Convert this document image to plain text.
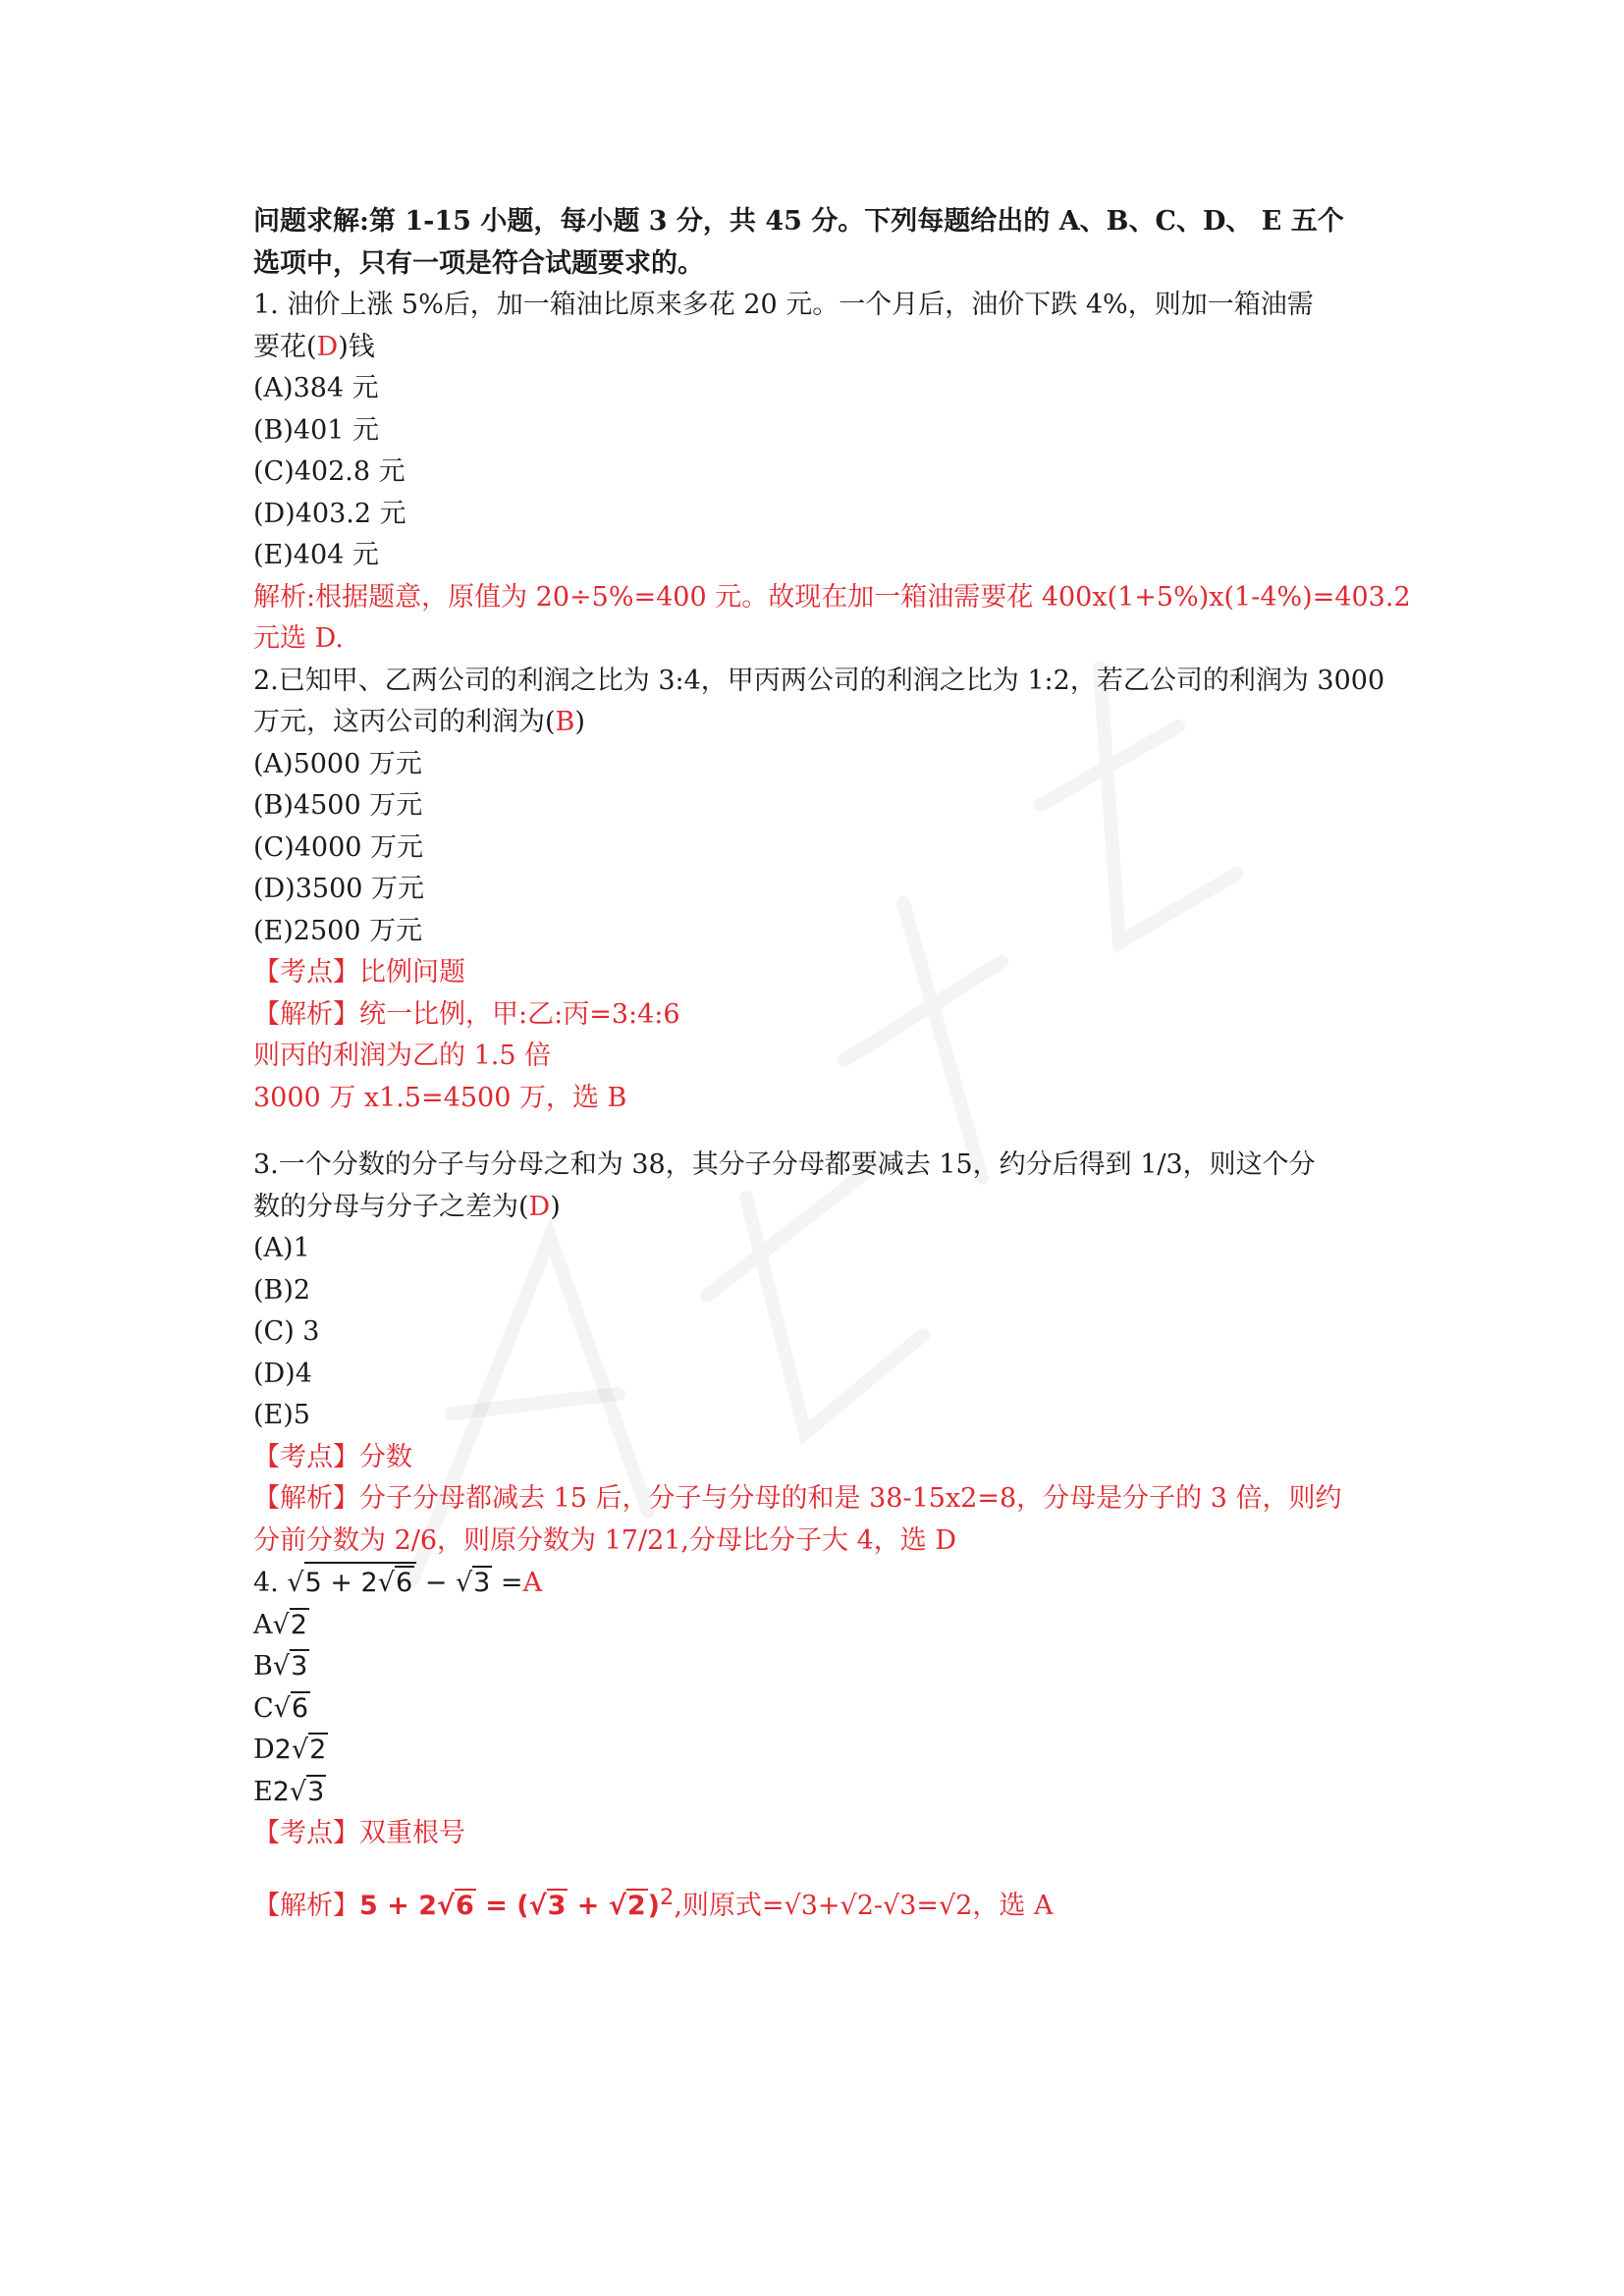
问题求解:第 1-15 小题，每小题 3 分，共 45 分。下列每题给出的 A、B、C、D、 E 五个
选项中，只有一项是符合试题要求的。
1. 油价上涨 5%后，加一箱油比原来多花 20 元。一个月后，油价下跌 4%，则加一箱油需
要花(D)钱
(A)384 元
(B)401 元
(C)402.8 元
(D)403.2 元
(E)404 元
解析:根据题意，原值为 20÷5%=400 元。故现在加一箱油需要花 400x(1+5%)x(1-4%)=403.2
元选 D.
2.已知甲、乙两公司的利润之比为 3:4，甲丙两公司的利润之比为 1:2，若乙公司的利润为 3000
万元，这丙公司的利润为(B)
(A)5000 万元
(B)4500 万元
(C)4000 万元
(D)3500 万元
(E)2500 万元
【考点】比例问题
【解析】统一比例，甲:乙:丙=3:4:6
则丙的利润为乙的 1.5 倍
3000 万 x1.5=4500 万，选 B
3.一个分数的分子与分母之和为 38，其分子分母都要减去 15，约分后得到 1/3，则这个分
数的分母与分子之差为(D)
(A)1
(B)2
(C) 3
(D)4
(E)5
【考点】分数
【解析】分子分母都减去 15 后，分子与分母的和是 38-15x2=8，分母是分子的 3 倍，则约
分前分数为 2/6，则原分数为 17/21,分母比分子大 4，选 D
4. √5 + 2√6 − √3 =A
A√2
B√3
C√6
D2√2
E2√3
【考点】双重根号
【解析】$5 + 2√6 = (√3 + √2)^2$,则原式=√3+√2-√3=√2，选 A
